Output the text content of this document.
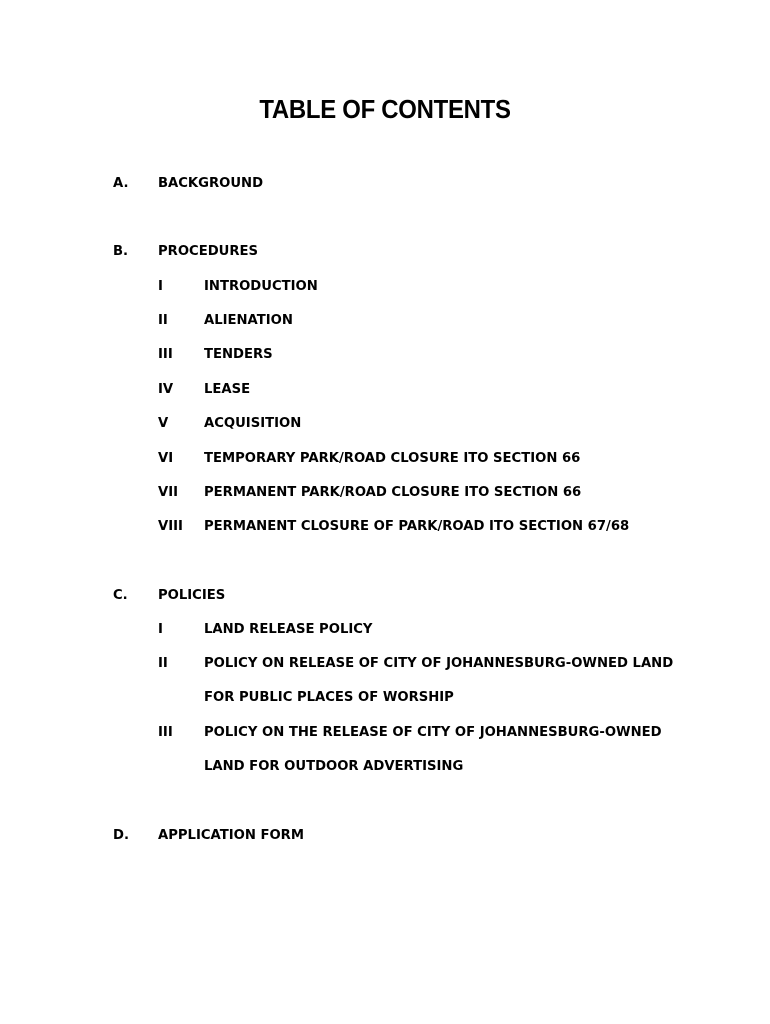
TABLE OF CONTENTS
A. BACKGROUND
B. PROCEDURES
I	INTRODUCTION
II	ALIENATION
III TENDERS
IV LEASE
V	ACQUISITION
VI TEMPORARY PARK/ROAD CLOSURE ITO SECTION 66
VII PERMANENT PARK/ROAD CLOSURE ITO SECTION 66
VIII PERMANENT CLOSURE OF PARK/ROAD ITO SECTION 67/68
C. POLICIES
I	LAND RELEASE POLICY
II	POLICY ON RELEASE OF CITY OF JOHANNESBURG-OWNED LAND
FOR PUBLIC PLACES OF WORSHIP
III POLICY ON THE RELEASE OF CITY OF JOHANNESBURG-OWNED
LAND FOR OUTDOOR ADVERTISING
D. APPLICATION FORM
